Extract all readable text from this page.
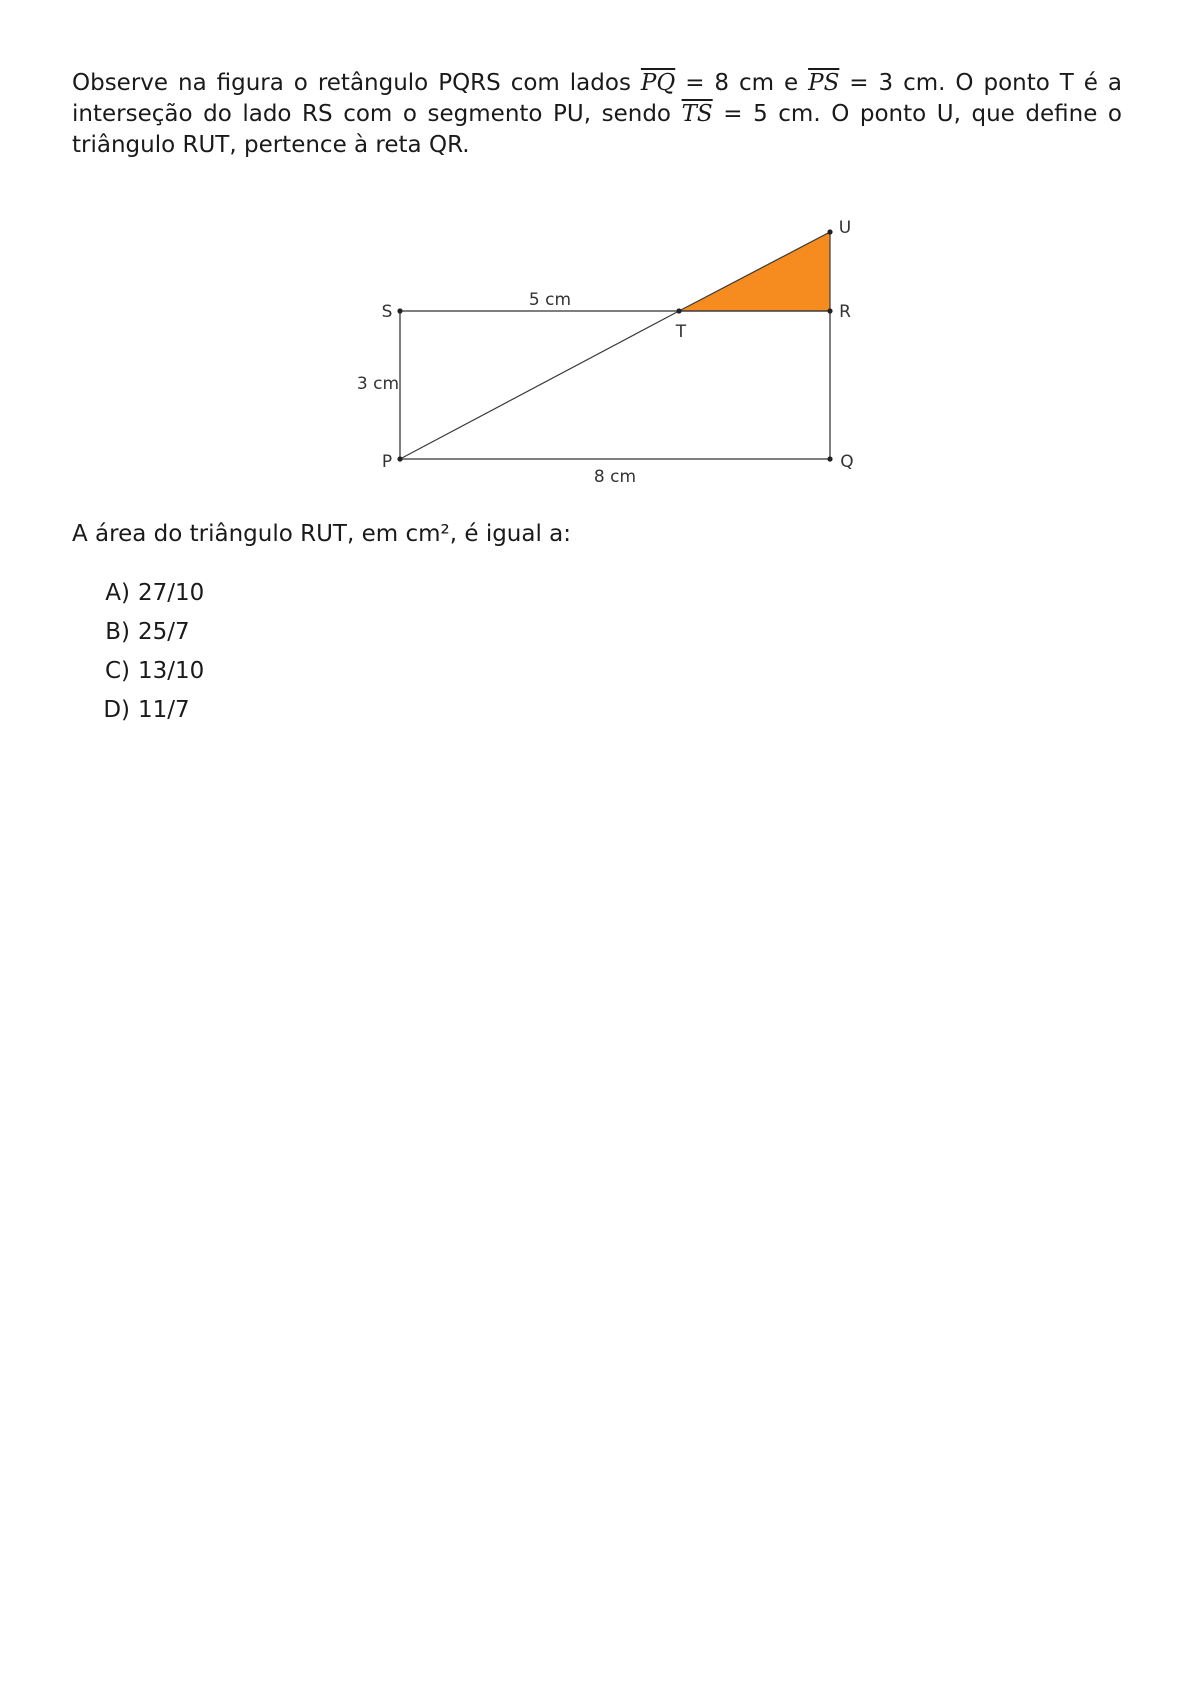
Observe na figura o retângulo PQRS com lados $\overline{PQ} = 8$ cm e $\overline{PS} = 3$ cm. O ponto T é a interseção do lado RS com o segmento PU, sendo $\overline{TS} = 5$ cm. O ponto U, que define o triângulo RUT, pertence à reta QR.
S
T
R
U
P	Q
5 cm
3 cm
8 cm
A área do triângulo RUT, em cm², é igual a:
A) 27/10
B) 25/7
C) 13/10
D) 11/7
